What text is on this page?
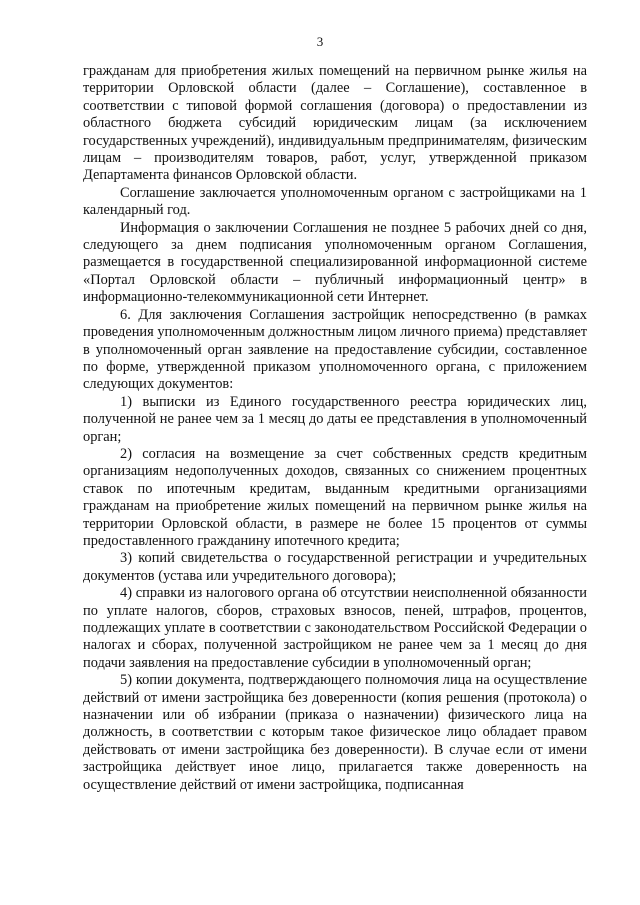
3

гражданам для приобретения жилых помещений на первичном рынке жилья на территории Орловской области (далее – Соглашение), составленное в соответствии с типовой формой соглашения (договора) о предоставлении из областного бюджета субсидий юридическим лицам (за исключением государственных учреждений), индивидуальным предпринимателям, физическим лицам – производителям товаров, работ, услуг, утвержденной приказом Департамента финансов Орловской области.

Соглашение заключается уполномоченным органом с застройщиками на 1 календарный год.

Информация о заключении Соглашения не позднее 5 рабочих дней со дня, следующего за днем подписания уполномоченным органом Соглашения, размещается в государственной специализированной информационной системе «Портал Орловской области – публичный информационный центр» в информационно-телекоммуникационной сети Интернет.

6. Для заключения Соглашения застройщик непосредственно (в рамках проведения уполномоченным должностным лицом личного приема) представляет в уполномоченный орган заявление на предоставление субсидии, составленное по форме, утвержденной приказом уполномоченного органа, с приложением следующих документов:

1) выписки из Единого государственного реестра юридических лиц, полученной не ранее чем за 1 месяц до даты ее представления в уполномоченный орган;

2) согласия на возмещение за счет собственных средств кредитным организациям недополученных доходов, связанных со снижением процентных ставок по ипотечным кредитам, выданным кредитными организациями гражданам на приобретение жилых помещений на первичном рынке жилья на территории Орловской области, в размере не более 15 процентов от суммы предоставленного гражданину ипотечного кредита;

3) копий свидетельства о государственной регистрации и учредительных документов (устава или учредительного договора);

4) справки из налогового органа об отсутствии неисполненной обязанности по уплате налогов, сборов, страховых взносов, пеней, штрафов, процентов, подлежащих уплате в соответствии с законодательством Российской Федерации о налогах и сборах, полученной застройщиком не ранее чем за 1 месяц до дня подачи заявления на предоставление субсидии в уполномоченный орган;

5) копии документа, подтверждающего полномочия лица на осуществление действий от имени застройщика без доверенности (копия решения (протокола) о назначении или об избрании (приказа о назначении) физического лица на должность, в соответствии с которым такое физическое лицо обладает правом действовать от имени застройщика без доверенности). В случае если от имени застройщика действует иное лицо, прилагается также доверенность на осуществление действий от имени застройщика, подписанная
